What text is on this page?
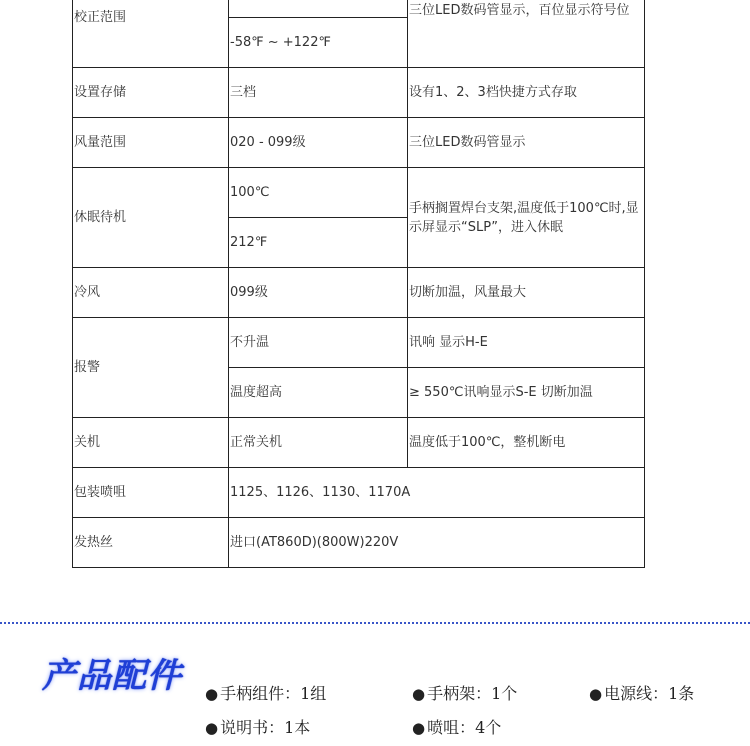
校正范围		三位LED数码管显示，百位显示符号位
	-58℉ ~ +122℉	
设置存储	三档	设有1、2、3档快捷方式存取
风量范围	020 - 099级	三位LED数码管显示
休眠待机	100℃	手柄搁置焊台支架,温度低于100℃时,显示屏显示“SLP”，进入休眠
	212℉	
冷风	099级	切断加温，风量最大
报警	不升温	讯响 显示H-E
	温度超高	≥ 550℃讯响显示S-E 切断加温
关机	正常关机	温度低于100℃，整机断电
包装喷咀	1125、1126、1130、1170A	
发热丝	进口(AT860D)(800W)220V	
产品配件 ● 手柄组件：1组	● 手柄架：1个	● 电源线：1条
● 说明书：1本	● 喷咀：4个
